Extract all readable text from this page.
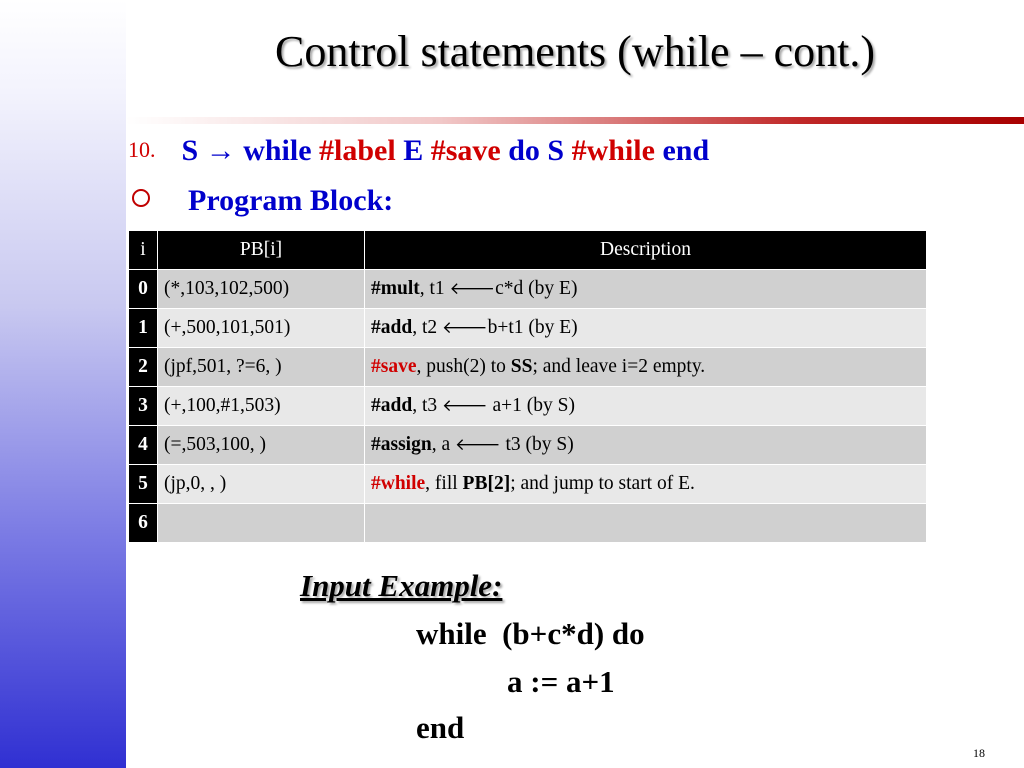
Control statements (while – cont.)
10. S → while #label E #save do S #while end
Program Block:
i	PB[i]	Description
0	(*,103,102,500)	#mult, t1 🡐c*d (by E)
1	(+,500,101,501)	#add, t2 🡐b+t1 (by E)
2	(jpf,501, ?=6, )	#save, push(2) to SS; and leave i=2 empty.
3	(+,100,#1,503)	#add, t3 🡐 a+1 (by S)
4	(=,503,100, )	#assign, a 🡐 t3 (by S)
5	(jp,0, , )	#while, fill PB[2]; and jump to start of E.
6		
Input Example:
while  (b+c*d) do
a := a+1
end
18
